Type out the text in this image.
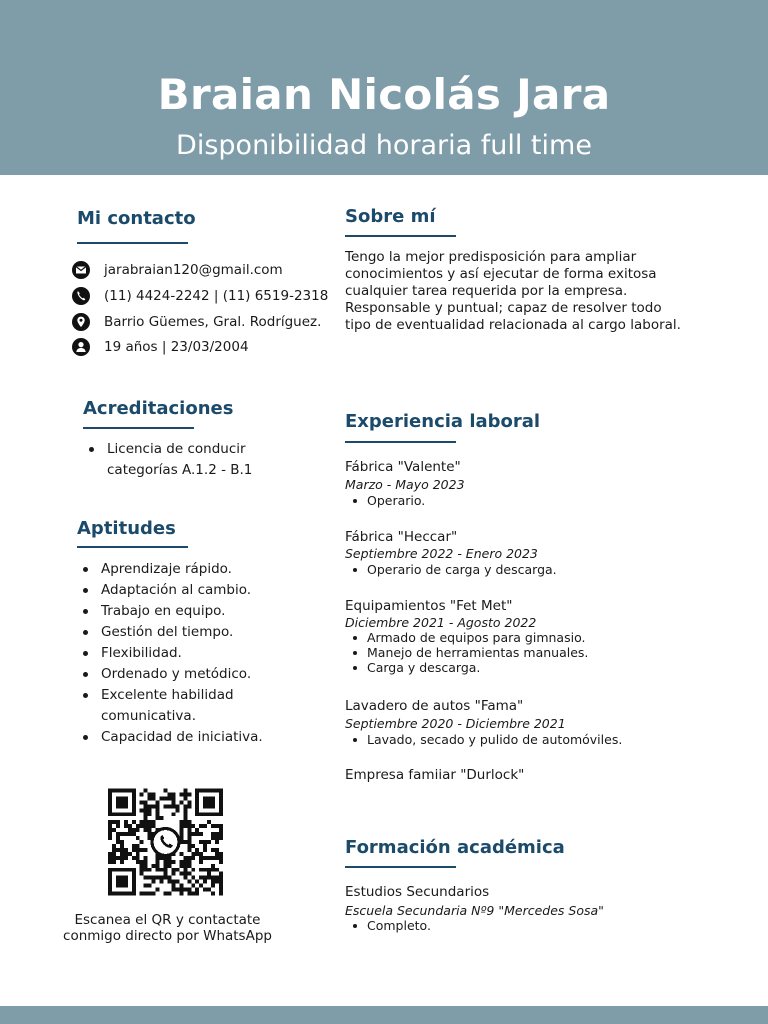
Braian Nicolás Jara
Disponibilidad horaria full time
Mi contacto
jarabraian120@gmail.com
(11) 4424-2242 | (11) 6519-2318
Barrio Güemes, Gral. Rodríguez.
19 años | 23/03/2004
Acreditaciones
Licencia de conducir categorías A.1.2 - B.1
Aptitudes
Aprendizaje rápido.
Adaptación al cambio.
Trabajo en equipo.
Gestión del tiempo.
Flexibilidad.
Ordenado y metódico.
Excelente habilidad comunicativa.
Capacidad de iniciativa.
Escanea el QR y contactate
conmigo directo por WhatsApp
Sobre mí
Tengo la mejor predisposición para ampliar
conocimientos y así ejecutar de forma exitosa
cualquier tarea requerida por la empresa.
Responsable y puntual; capaz de resolver todo
tipo de eventualidad relacionada al cargo laboral.
Experiencia laboral
Fábrica "Valente"
Marzo - Mayo 2023
Operario.
Fábrica "Heccar"
Septiembre 2022 - Enero 2023
Operario de carga y descarga.
Equipamientos "Fet Met"
Diciembre 2021 - Agosto 2022
Armado de equipos para gimnasio.
Manejo de herramientas manuales.
Carga y descarga.
Lavadero de autos "Fama"
Septiembre 2020 - Diciembre 2021
Lavado, secado y pulido de automóviles.
Empresa famiiar "Durlock"
Formación académica
Estudios Secundarios
Escuela Secundaria Nº9 "Mercedes Sosa"
Completo.
